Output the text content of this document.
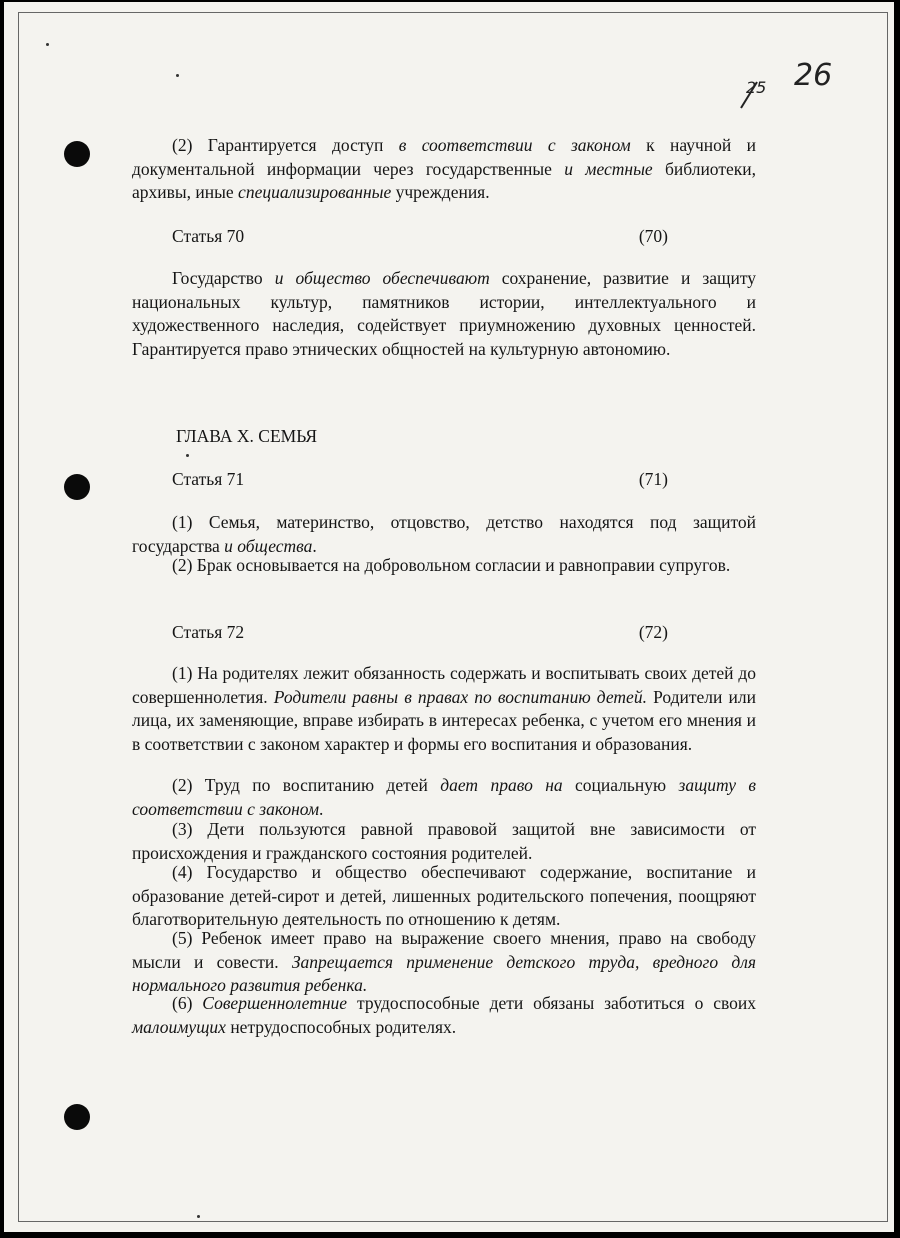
25 26
(2) Гарантируется доступ в соответствии с законом к научной и документальной информации через государственные и местные библиотеки, архивы, иные специализированные учреждения.
Статья 70	(70)
Государство и общество обеспечивают сохранение, развитие и защиту национальных культур, памятников истории, интеллектуального и художественного наследия, содействует приумножению духовных ценностей. Гарантируется право этнических общностей на культурную автономию.
ГЛАВА X. СЕМЬЯ
Статья 71	(71)
(1) Семья, материнство, отцовство, детство находятся под защитой государства и общества.
(2) Брак основывается на добровольном согласии и равноправии супругов.
Статья 72	(72)
(1) На родителях лежит обязанность содержать и воспитывать своих детей до совершеннолетия. Родители равны в правах по воспитанию детей. Родители или лица, их заменяющие, вправе избирать в интересах ребенка, с учетом его мнения и в соответствии с законом характер и формы его воспитания и образования.
(2) Труд по воспитанию детей дает право на социальную защиту в соответствии с законом.
(3) Дети пользуются равной правовой защитой вне зависимости от происхождения и гражданского состояния родителей.
(4) Государство и общество обеспечивают содержание, воспитание и образование детей-сирот и детей, лишенных родительского попечения, поощряют благотворительную деятельность по отношению к детям.
(5) Ребенок имеет право на выражение своего мнения, право на свободу мысли и совести. Запрещается применение детского труда, вредного для нормального развития ребенка.
(6) Совершеннолетние трудоспособные дети обязаны заботиться о своих малоимущих нетрудоспособных родителях.
